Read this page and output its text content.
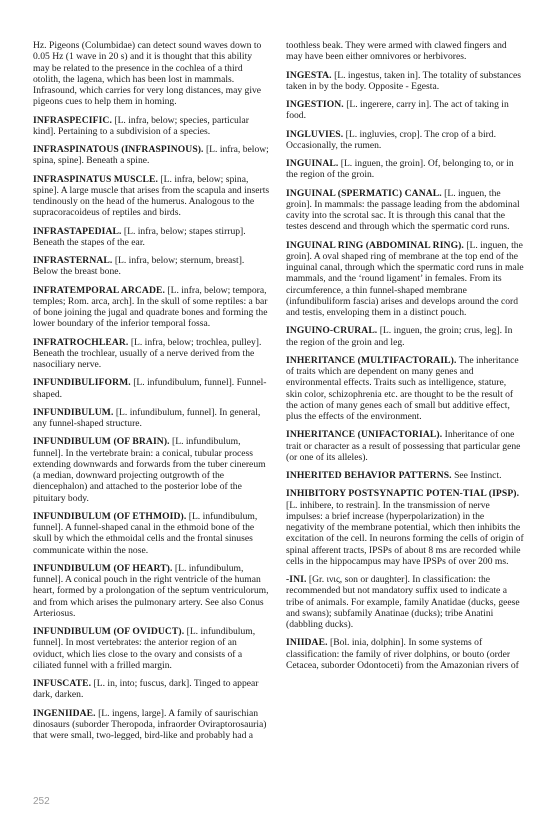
Hz. Pigeons (Columbidae) can detect sound waves down to 0.05 Hz (1 wave in 20 s) and it is thought that this ability may be related to the presence in the cochlea of a third otolith, the lagena, which has been lost in mammals. Infrasound, which carries for very long distances, may give pigeons cues to help them in homing.

INFRASPECIFIC. [L. infra, below; species, particular kind]. Pertaining to a subdivision of a species.

INFRASPINATOUS (INFRASPINOUS). [L. infra, below; spina, spine]. Beneath a spine.

INFRASPINATUS MUSCLE. [L. infra, below; spina, spine]. A large muscle that arises from the scapula and inserts tendinously on the head of the humerus. Analogous to the supracoracoideus of reptiles and birds.

INFRASTAPEDIAL. [L. infra, below; stapes stirrup]. Beneath the stapes of the ear.

INFRASTERNAL. [L. infra, below; sternum, breast]. Below the breast bone.

INFRATEMPORAL ARCADE. [L. infra, below; tempora, temples; Rom. arca, arch]. In the skull of some reptiles: a bar of bone joining the jugal and quadrate bones and forming the lower boundary of the inferior temporal fossa.

INFRATROCHLEAR. [L. infra, below; trochlea, pulley]. Beneath the trochlear, usually of a nerve derived from the nasociliary nerve.

INFUNDIBULIFORM. [L. infundibulum, funnel]. Funnel-shaped.

INFUNDIBULUM. [L. infundibulum, funnel]. In general, any funnel-shaped structure.

INFUNDIBULUM (OF BRAIN). [L. infundibulum, funnel]. In the vertebrate brain: a conical, tubular process extending downwards and forwards from the tuber cinereum (a median, downward projecting outgrowth of the diencephalon) and attached to the posterior lobe of the pituitary body.

INFUNDIBULUM (OF ETHMOID). [L. infundibulum, funnel]. A funnel-shaped canal in the ethmoid bone of the skull by which the ethmoidal cells and the frontal sinuses communicate within the nose.

INFUNDIBULUM (OF HEART). [L. infundibulum, funnel]. A conical pouch in the right ventricle of the human heart, formed by a prolongation of the septum ventriculorum, and from which arises the pulmonary artery. See also Conus Arteriosus.

INFUNDIBULUM (OF OVIDUCT). [L. infundibulum, funnel]. In most vertebrates: the anterior region of an oviduct, which lies close to the ovary and consists of a ciliated funnel with a frilled margin.

INFUSCATE. [L. in, into; fuscus, dark]. Tinged to appear dark, darken.

INGENIIDAE. [L. ingens, large]. A family of saurischian dinosaurs (suborder Theropoda, infraorder Oviraptorosauria) that were small, two-legged, bird-like and probably had a

toothless beak. They were armed with clawed fingers and may have been either omnivores or herbivores.

INGESTA. [L. ingestus, taken in]. The totality of substances taken in by the body. Opposite - Egesta.

INGESTION. [L. ingerere, carry in]. The act of taking in food.

INGLUVIES. [L. ingluvies, crop]. The crop of a bird. Occasionally, the rumen.

INGUINAL. [L. inguen, the groin]. Of, belonging to, or in the region of the groin.

INGUINAL (SPERMATIC) CANAL. [L. inguen, the groin]. In mammals: the passage leading from the abdominal cavity into the scrotal sac. It is through this canal that the testes descend and through which the spermatic cord runs.

INGUINAL RING (ABDOMINAL RING). [L. inguen, the groin]. A oval shaped ring of membrane at the top end of the inguinal canal, through which the spermatic cord runs in male mammals, and the ‘round ligament’ in females. From its circumference, a thin funnel-shaped membrane (infundibuliform fascia) arises and develops around the cord and testis, enveloping them in a distinct pouch.

INGUINO-CRURAL. [L. inguen, the groin; crus, leg]. In the region of the groin and leg.

INHERITANCE (MULTIFACTORAIL). The inheritance of traits which are dependent on many genes and environmental effects. Traits such as intelligence, stature, skin color, schizophrenia etc. are thought to be the result of the action of many genes each of small but additive effect, plus the effects of the environment.

INHERITANCE (UNIFACTORIAL). Inheritance of one trait or character as a result of possessing that particular gene (or one of its alleles).

INHERITED BEHAVIOR PATTERNS. See Instinct.

INHIBITORY POSTSYNAPTIC POTEN-TIAL (IPSP). [L. inhibere, to restrain]. In the transmission of nerve impulses: a brief increase (hyperpolarization) in the negativity of the membrane potential, which then inhibits the excitation of the cell. In neurons forming the cells of origin of spinal afferent tracts, IPSPs of about 8 ms are recorded while cells in the hippocampus may have IPSPs of over 200 ms.

-INI. [Gr. ινις, son or daughter]. In classification: the recommended but not mandatory suffix used to indicate a tribe of animals. For example, family Anatidae (ducks, geese and swans); subfamily Anatinae (ducks); tribe Anatini (dabbling ducks).

INIIDAE. [Bol. inia, dolphin]. In some systems of classification: the family of river dolphins, or bouto (order Cetacea, suborder Odontoceti) from the Amazonian rivers of

252
